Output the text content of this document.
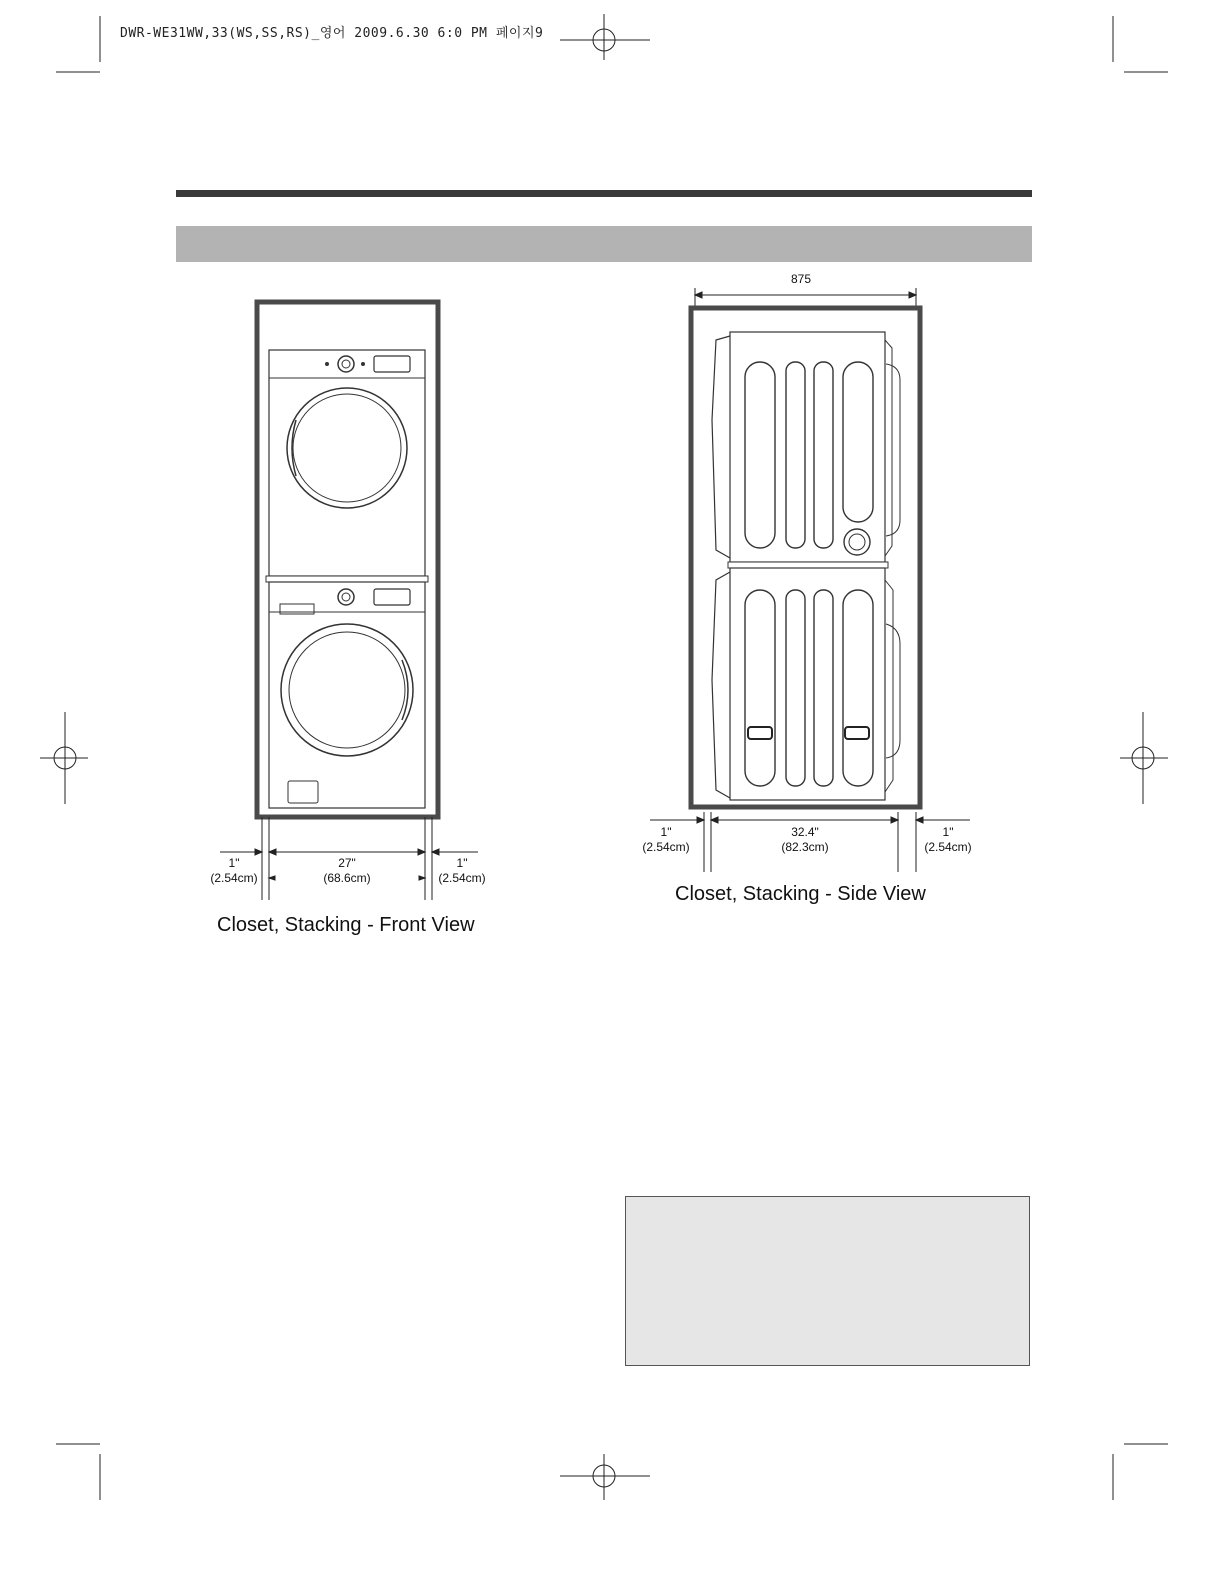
DWR-WE31WW,33(WS,SS,RS)_영어 2009.6.30 6:0 PM 페이지9
1"
(2.54cm)
27"
(68.6cm)
1"
(2.54cm)
Closet, Stacking - Front View
875
1"
(2.54cm)
32.4"
(82.3cm)
1"
(2.54cm)
Closet, Stacking - Side View
